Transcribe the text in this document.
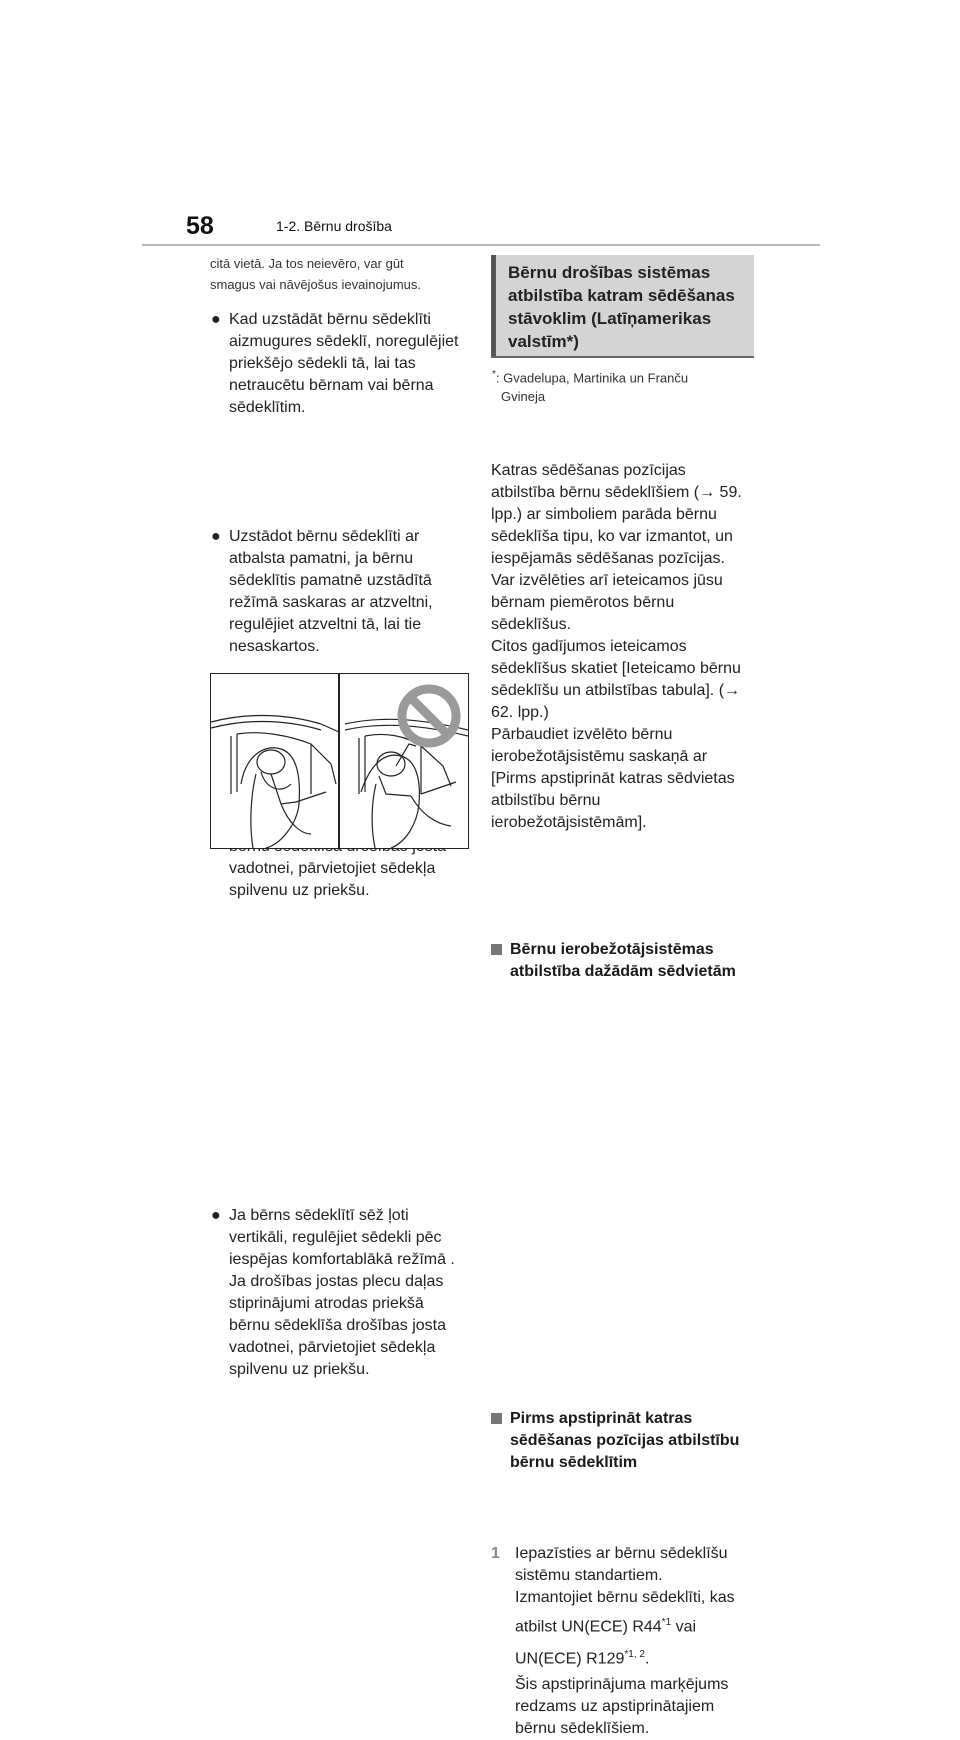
58	1-2. Bērnu drošība
citā vietā. Ja tos neievēro, var gūt
smagus vai nāvējošus ievainojumus.
● Kad uzstādāt bērnu sēdeklīti
aizmugures sēdeklī, noregulējiet
priekšējo sēdekli tā, lai tas
netraucētu bērnam vai bērna
sēdeklītim.
● Uzstādot bērnu sēdeklīti ar
atbalsta pamatni, ja bērnu
sēdeklītis pamatnē uzstādītā
režīmā saskaras ar atzveltni,
regulējiet atzveltni tā, lai tie
nesaskartos.
vadotnei, pārvietojiet sēdekļa
spilvenu uz priekšu.
● Ja bērns sēdeklītī sēž ļoti
vertikāli, regulējiet sēdekli pēc
iespējas komfortablākā režīmā .
Ja drošības jostas plecu daļas
stiprinājumi atrodas priekšā
bērnu sēdeklīša drošības josta
vadotnei, pārvietojiet sēdekļa
spilvenu uz priekšu.
Bērnu drošības sistēmas
atbilstība katram sēdēšanas
stāvoklim (Latīņamerikas
valstīm*)
*: Gvadelupa, Martinika un Franču
Gvineja
Bērnu ierobežotājsistēmas
atbilstība dažādām sēdvietām
Katras sēdēšanas pozīcijas
atbilstība bērnu sēdeklīšiem (→ 59.
lpp.) ar simboliem parāda bērnu
sēdeklīša tipu, ko var izmantot, un
iespējamās sēdēšanas pozīcijas.
Var izvēlēties arī ieteicamos jūsu
bērnam piemērotos bērnu
sēdeklīšus.
Citos gadījumos ieteicamos
sēdeklīšus skatiet [Ieteicamo bērnu
sēdeklīšu un atbilstības tabula]. (→
62. lpp.)
Pārbaudiet izvēlēto bērnu
ierobežotājsistēmu saskaņā ar
[Pirms apstiprināt katras sēdvietas
atbilstību bērnu
ierobežotājsistēmām].
Pirms apstiprināt katras
sēdēšanas pozīcijas atbilstību
bērnu sēdeklītim
1 Iepazīsties ar bērnu sēdeklīšu
sistēmu standartiem.
Izmantojiet bērnu sēdeklīti, kas
atbilst UN(ECE) R44$^{*1}$ vai
UN(ECE) R129$^{*1, 2}$.
Šis apstiprinājuma marķējums
redzams uz apstiprinātajiem
bērnu sēdeklīšiem.
